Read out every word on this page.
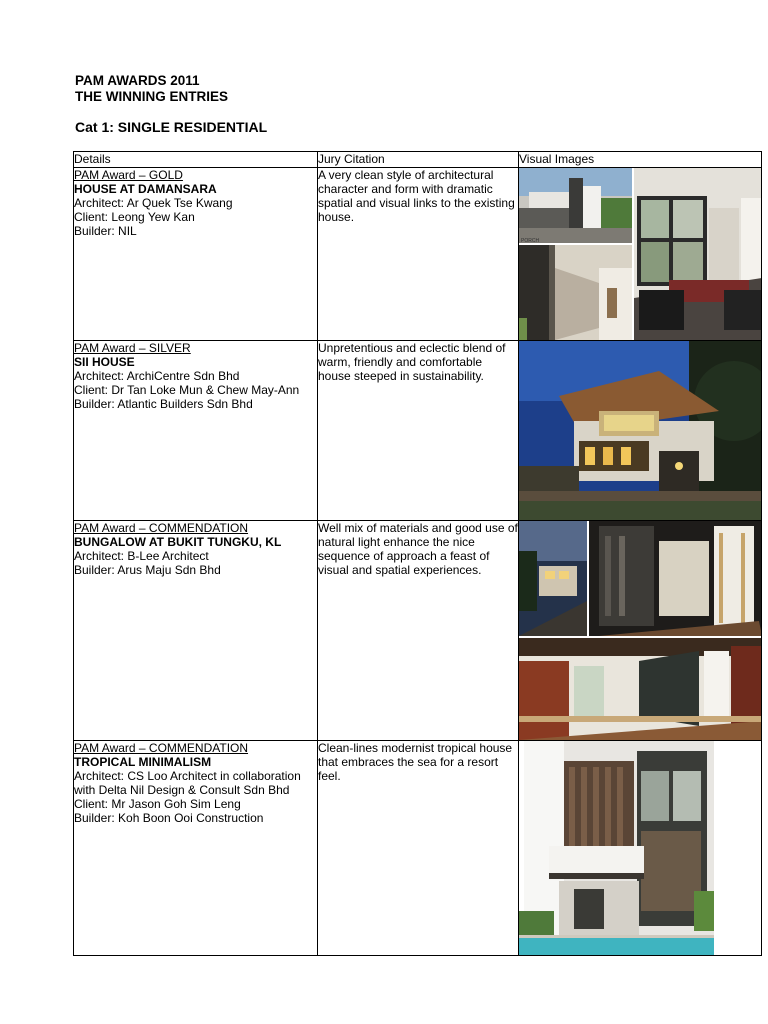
PAM AWARDS 2011
THE WINNING ENTRIES
Cat 1: SINGLE RESIDENTIAL
Details	Jury Citation	Visual Images

PAM Award – GOLD
HOUSE AT DAMANSARA
Architect: Ar Quek Tse Kwang
Client: Leong Yew Kan
Builder: NIL	A very clean style of architectural character and form with dramatic spatial and visual links to the existing house.	PORCH

PAM Award – SILVER
SII HOUSE
Architect: ArchiCentre Sdn Bhd
Client: Dr Tan Loke Mun & Chew May-Ann
Builder: Atlantic Builders Sdn Bhd	Unpretentious and eclectic blend of warm, friendly and comfortable house steeped in sustainability.	

PAM Award – COMMENDATION
BUNGALOW AT BUKIT TUNGKU, KL
Architect: B-Lee Architect
Builder: Arus Maju Sdn Bhd	Well mix of materials and good use of natural light enhance the nice sequence of approach a feast of visual and spatial experiences.	

PAM Award – COMMENDATION
TROPICAL MINIMALISM
Architect: CS Loo Architect in collaboration with Delta Nil Design & Consult Sdn Bhd
Client: Mr Jason Goh Sim Leng
Builder: Koh Boon Ooi Construction	Clean-lines modernist tropical house that embraces the sea for a resort feel.	
